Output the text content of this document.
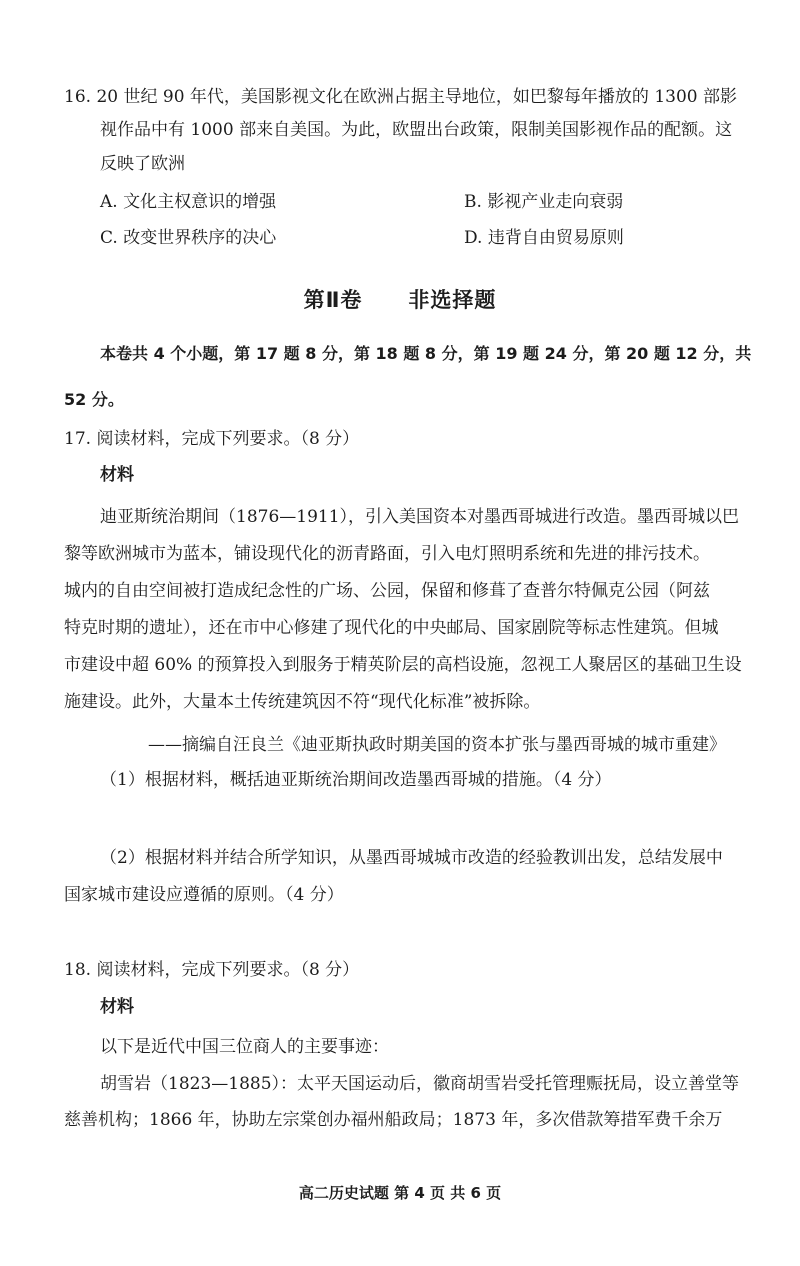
16. 20 世纪 90 年代，美国影视文化在欧洲占据主导地位，如巴黎每年播放的 1300 部影
视作品中有 1000 部来自美国。为此，欧盟出台政策，限制美国影视作品的配额。这
反映了欧洲
A. 文化主权意识的增强	B. 影视产业走向衰弱
C. 改变世界秩序的决心	D. 违背自由贸易原则
第Ⅱ卷 非选择题
本卷共 4 个小题，第 17 题 8 分，第 18 题 8 分，第 19 题 24 分，第 20 题 12 分，共
52 分。
17. 阅读材料，完成下列要求。（8 分）
材料
迪亚斯统治期间（1876—1911），引入美国资本对墨西哥城进行改造。墨西哥城以巴
黎等欧洲城市为蓝本，铺设现代化的沥青路面，引入电灯照明系统和先进的排污技术。
城内的自由空间被打造成纪念性的广场、公园，保留和修葺了查普尔特佩克公园（阿兹
特克时期的遗址），还在市中心修建了现代化的中央邮局、国家剧院等标志性建筑。但城
市建设中超 60% 的预算投入到服务于精英阶层的高档设施，忽视工人聚居区的基础卫生设
施建设。此外，大量本土传统建筑因不符“现代化标准”被拆除。
——摘编自汪良兰《迪亚斯执政时期美国的资本扩张与墨西哥城的城市重建》
（1）根据材料，概括迪亚斯统治期间改造墨西哥城的措施。（4 分）
（2）根据材料并结合所学知识，从墨西哥城城市改造的经验教训出发，总结发展中
国家城市建设应遵循的原则。（4 分）
18. 阅读材料，完成下列要求。（8 分）
材料
以下是近代中国三位商人的主要事迹：
胡雪岩（1823—1885）：太平天国运动后，徽商胡雪岩受托管理赈抚局，设立善堂等
慈善机构；1866 年，协助左宗棠创办福州船政局；1873 年，多次借款筹措军费千余万
高二历史试题 第 4 页 共 6 页
